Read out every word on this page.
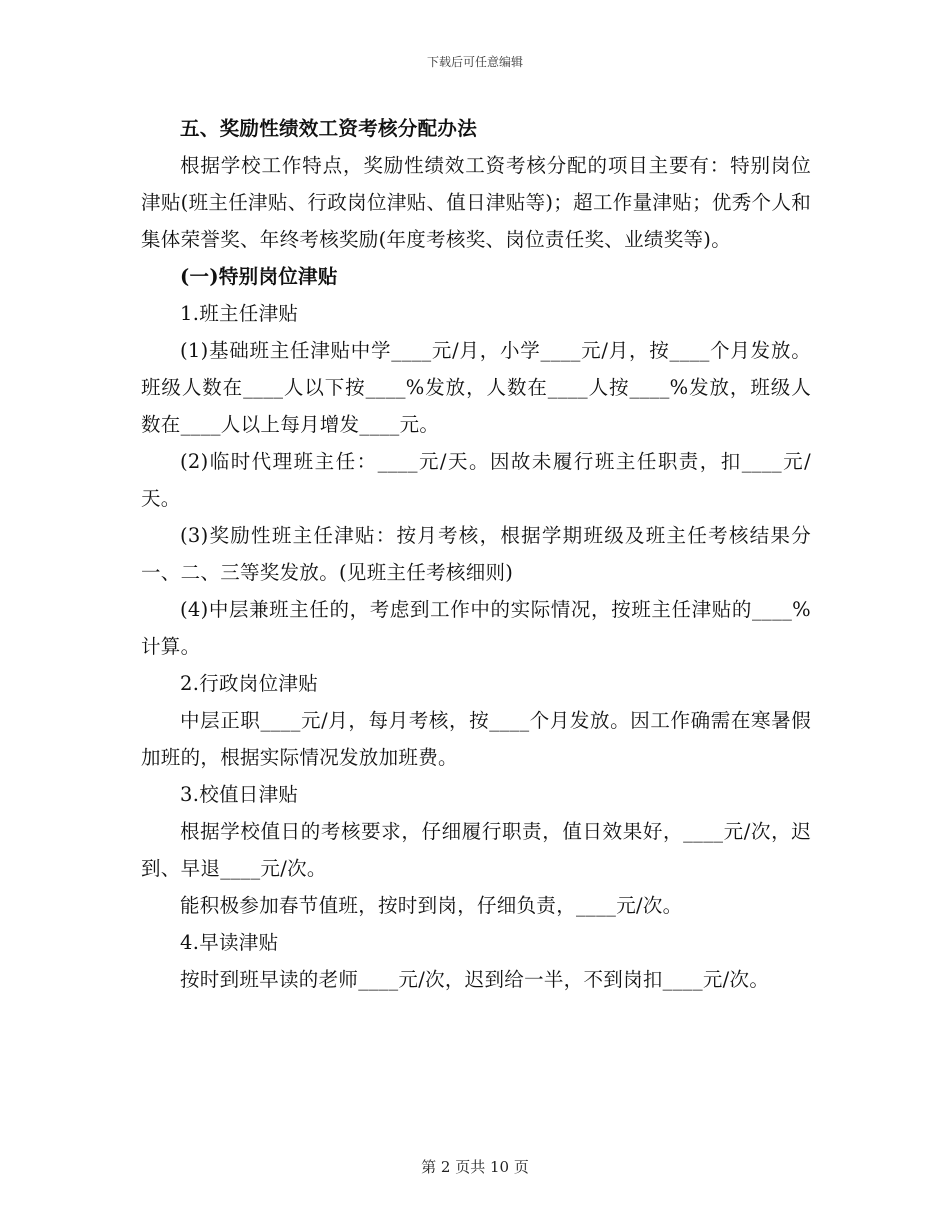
下载后可任意编辑

五、奖励性绩效工资考核分配办法

根据学校工作特点，奖励性绩效工资考核分配的项目主要有：特别岗位津贴(班主任津贴、行政岗位津贴、值日津贴等)；超工作量津贴；优秀个人和集体荣誉奖、年终考核奖励(年度考核奖、岗位责任奖、业绩奖等)。

(一)特别岗位津贴

1.班主任津贴

(1)基础班主任津贴中学____元/月，小学____元/月，按____个月发放。班级人数在____人以下按____%发放，人数在____人按____%发放，班级人数在____人以上每月增发____元。

(2)临时代理班主任：____元/天。因故未履行班主任职责，扣____元/天。

(3)奖励性班主任津贴：按月考核，根据学期班级及班主任考核结果分一、二、三等奖发放。(见班主任考核细则)

(4)中层兼班主任的，考虑到工作中的实际情况，按班主任津贴的____%计算。

2.行政岗位津贴

中层正职____元/月，每月考核，按____个月发放。因工作确需在寒暑假加班的，根据实际情况发放加班费。

3.校值日津贴

根据学校值日的考核要求，仔细履行职责，值日效果好，____元/次，迟到、早退____元/次。

能积极参加春节值班，按时到岗，仔细负责，____元/次。

4.早读津贴

按时到班早读的老师____元/次，迟到给一半，不到岗扣____元/次。

第 2 页共 10 页
